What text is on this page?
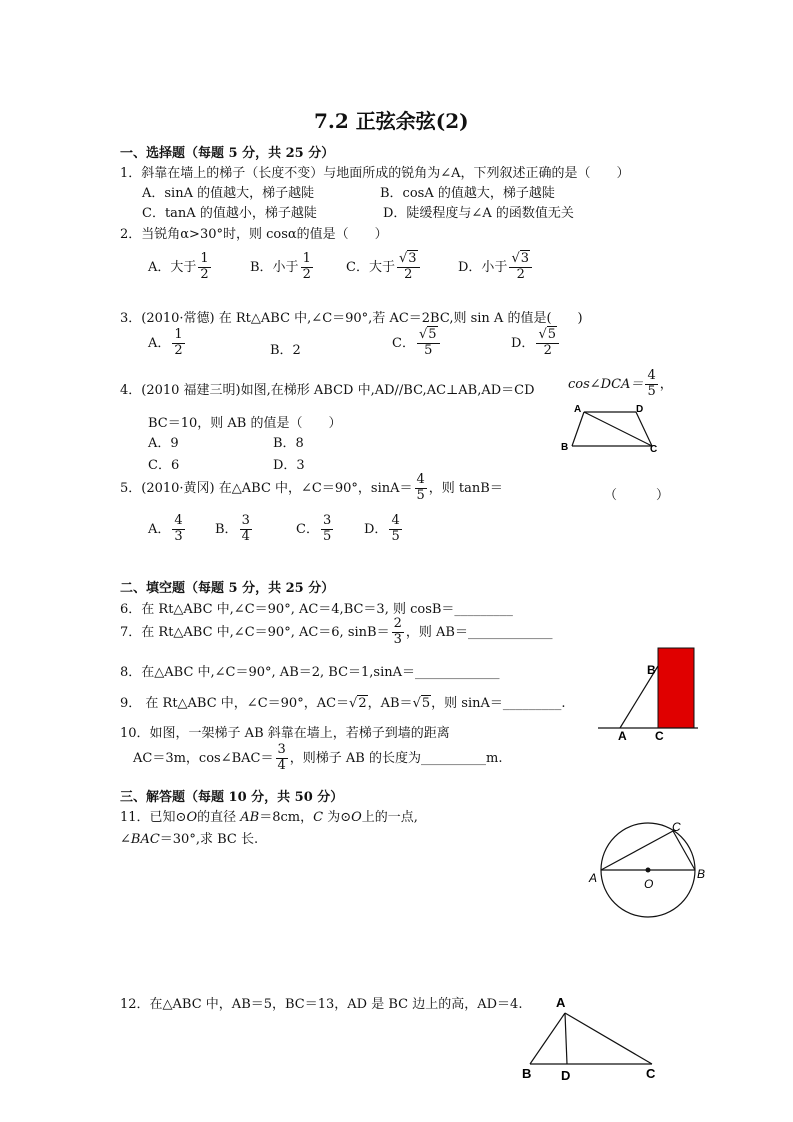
7.2 正弦余弦(2)
一、选择题（每题 5 分，共 25 分）
1．斜靠在墙上的梯子（长度不变）与地面所成的锐角为∠A，下列叙述正确的是（　　）
A．sinA 的值越大，梯子越陡	B．cosA 的值越大，梯子越陡
C．tanA 的值越小，梯子越陡	D．陡缓程度与∠A 的函数值无关
2．当锐角α>30°时，则 cosα的值是（　　）
A．大于 $\frac{1}{2}$	B．小于 $\frac{1}{2}$	C．大于 $\frac{√3}{2}$	D．小于 $\frac{√3}{2}$
3．(2010·常德) 在 Rt△ABC 中,∠C＝90°,若 AC＝2BC,则 sin A 的值是(　　)
A． $\frac{1}{2}$	B．2	C． $\frac{√5}{5}$	D． $\frac{√5}{2}$
4．(2010 福建三明)如图,在梯形 ABCD 中,AD//BC,AC⊥AB,AD＝CD	cos∠DCA＝ $\frac{4}{5}$ ，
BC＝10，则 AB 的值是（　　）
A．9	B．8
C．6	D．3
A	D
B	C
5．(2010·黄冈) 在△ABC 中，∠C＝90°，$\sin A= \frac{4}{5}$ ，则 tanB＝	（　　　）
A． $\frac{4}{3}$ B． $\frac{3}{4}$	C． $\frac{3}{5}$ D． $\frac{4}{5}$
二、填空题（每题 5 分，共 25 分）
6．在 Rt△ABC 中,∠C＝90°, AC＝4,BC＝3, 则 cosB＝_________
7．在 Rt△ABC 中,∠C＝90°, AC＝6, $\sin B= \frac{2}{3}$ ，则 AB＝_____________
8．在△ABC 中,∠C＝90°, AB＝2, BC＝1,sinA＝_____________
9． 在 Rt△ABC 中，∠C＝90°，AC＝√2，AB＝√5，则 sinA＝_________.
10．如图，一架梯子 AB 斜靠在墙上，若梯子到墙的距离
AC＝3m，cos∠BAC＝ $\frac{3}{4}$ ，则梯子 AB 的长度为__________m.
B
A C
三、解答题（每题 10 分，共 50 分）
11．已知⊙O的直径 AB＝8cm，C 为⊙O上的一点,
∠BAC＝30°,求 BC 长.
A	B
C
O
12．在△ABC 中，AB＝5，BC＝13，AD 是 BC 边上的高，AD＝4.	A
B D	C
